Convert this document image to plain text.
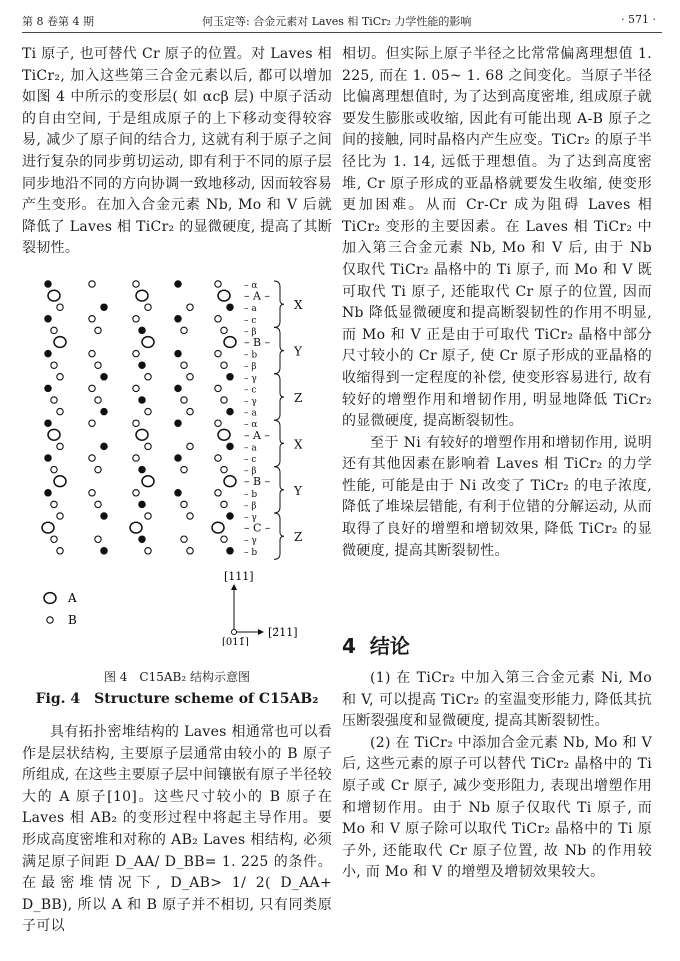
第 8 卷第 4 期	何玉定等: 合金元素对 Laves 相 TiCr₂ 力学性能的影响	· 571 ·

Ti 原子, 也可替代 Cr 原子的位置。对 Laves 相 TiCr₂, 加入这些第三合金元素以后, 都可以增加如图 4 中所示的变形层( 如 αcβ 层) 中原子活动的自由空间, 于是组成原子的上下移动变得较容易, 减少了原子间的结合力, 这就有利于原子之间进行复杂的同步剪切运动, 即有利于不同的原子层同步地沿不同的方向协调一致地移动, 因而较容易产生变形。在加入合金元素 Nb, Mo 和 V 后就降低了 Laves 相 TiCr₂ 的显微硬度, 提高了其断裂韧性。

– α
– A –
– a
– c
– β
– B –
– b
– β
– γ
– c
– γ
– a
– α
– A –
– a
– c
– β
– B –
– b
– β
– γ
– C –
– γ
– b
X
Y
Z
X
Y
Z
A
B
[111]
[2̄11]
[011̄]
图 4　C15AB₂ 结构示意图
Fig. 4　Structure scheme of C15AB₂

具有拓扑密堆结构的 Laves 相通常也可以看作是层状结构, 主要原子层通常由较小的 B 原子所组成, 在这些主要原子层中间镶嵌有原子半径较大的 A 原子[10]。这些尺寸较小的 B 原子在 Laves 相 AB₂ 的变形过程中将起主导作用。要形成高度密堆和对称的 AB₂ Laves 相结构, 必须满足原子间距 D_AA/ D_BB= 1. 225 的条件。在最密堆情况下, D_AB> 1/ 2( D_AA+ D_BB), 所以 A 和 B 原子并不相切, 只有同类原子可以

相切。但实际上原子半径之比常常偏离理想值 1. 225, 而在 1. 05~ 1. 68 之间变化。当原子半径比偏离理想值时, 为了达到高度密堆, 组成原子就要发生膨胀或收缩, 因此有可能出现 A-B 原子之间的接触, 同时晶格内产生应变。TiCr₂ 的原子半径比为 1. 14, 远低于理想值。为了达到高度密堆, Cr 原子形成的亚晶格就要发生收缩, 使变形更加困难。从而 Cr-Cr 成为阻碍 Laves 相 TiCr₂ 变形的主要因素。在 Laves 相 TiCr₂ 中加入第三合金元素 Nb, Mo 和 V 后, 由于 Nb 仅取代 TiCr₂ 晶格中的 Ti 原子, 而 Mo 和 V 既可取代 Ti 原子, 还能取代 Cr 原子的位置, 因而 Nb 降低显微硬度和提高断裂韧性的作用不明显, 而 Mo 和 V 正是由于可取代 TiCr₂ 晶格中部分尺寸较小的 Cr 原子, 使 Cr 原子形成的亚晶格的收缩得到一定程度的补偿, 使变形容易进行, 故有较好的增塑作用和增韧作用, 明显地降低 TiCr₂ 的显微硬度, 提高断裂韧性。

至于 Ni 有较好的增塑作用和增韧作用, 说明还有其他因素在影响着 Laves 相 TiCr₂ 的力学性能, 可能是由于 Ni 改变了 TiCr₂ 的电子浓度, 降低了堆垛层错能, 有利于位错的分解运动, 从而取得了良好的增塑和增韧效果, 降低 TiCr₂ 的显微硬度, 提高其断裂韧性。

4 结论

(1) 在 TiCr₂ 中加入第三合金元素 Ni, Mo 和 V, 可以提高 TiCr₂ 的室温变形能力, 降低其抗压断裂强度和显微硬度, 提高其断裂韧性。

(2) 在 TiCr₂ 中添加合金元素 Nb, Mo 和 V 后, 这些元素的原子可以替代 TiCr₂ 晶格中的 Ti 原子或 Cr 原子, 减少变形阻力, 表现出增塑作用和增韧作用。由于 Nb 原子仅取代 Ti 原子, 而 Mo 和 V 原子除可以取代 TiCr₂ 晶格中的 Ti 原子外, 还能取代 Cr 原子位置, 故 Nb 的作用较小, 而 Mo 和 V 的增塑及增韧效果较大。
